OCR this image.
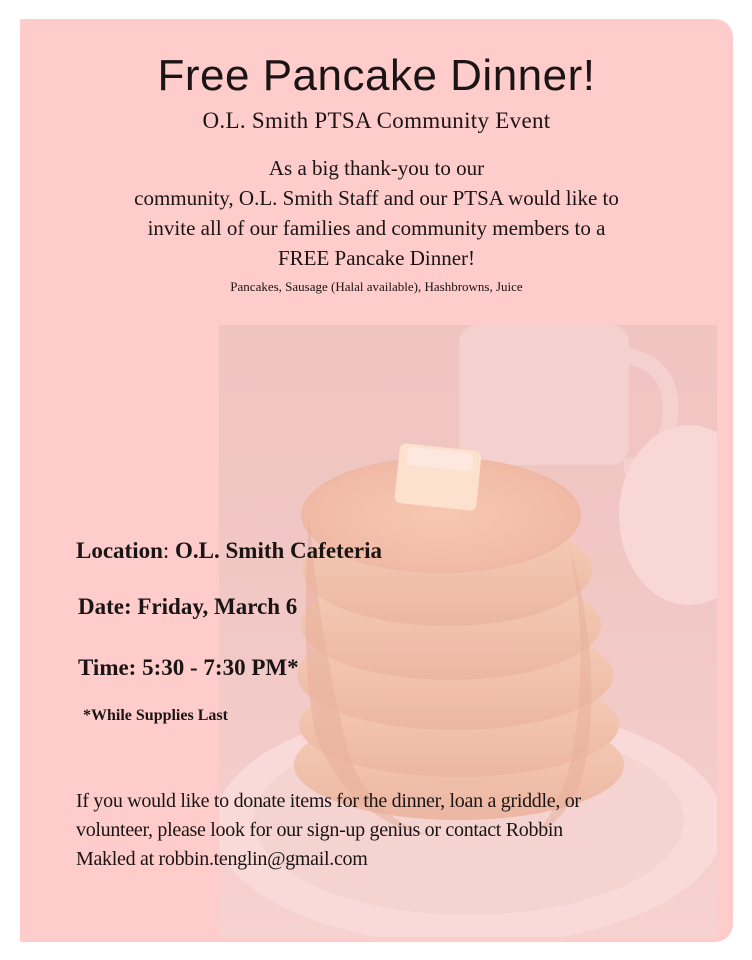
Free Pancake Dinner!
O.L. Smith PTSA Community Event
As a big thank-you to our
community, O.L. Smith Staff and our PTSA would like to
invite all of our families and community members to a
FREE Pancake Dinner!
Pancakes, Sausage (Halal available), Hashbrowns, Juice
Location: O.L. Smith Cafeteria
Date: Friday, March 6
Time: 5:30 - 7:30 PM*
*While Supplies Last
If you would like to donate items for the dinner, loan a griddle, or
volunteer, please look for our sign-up genius or contact Robbin
Makled at robbin.tenglin@gmail.com
